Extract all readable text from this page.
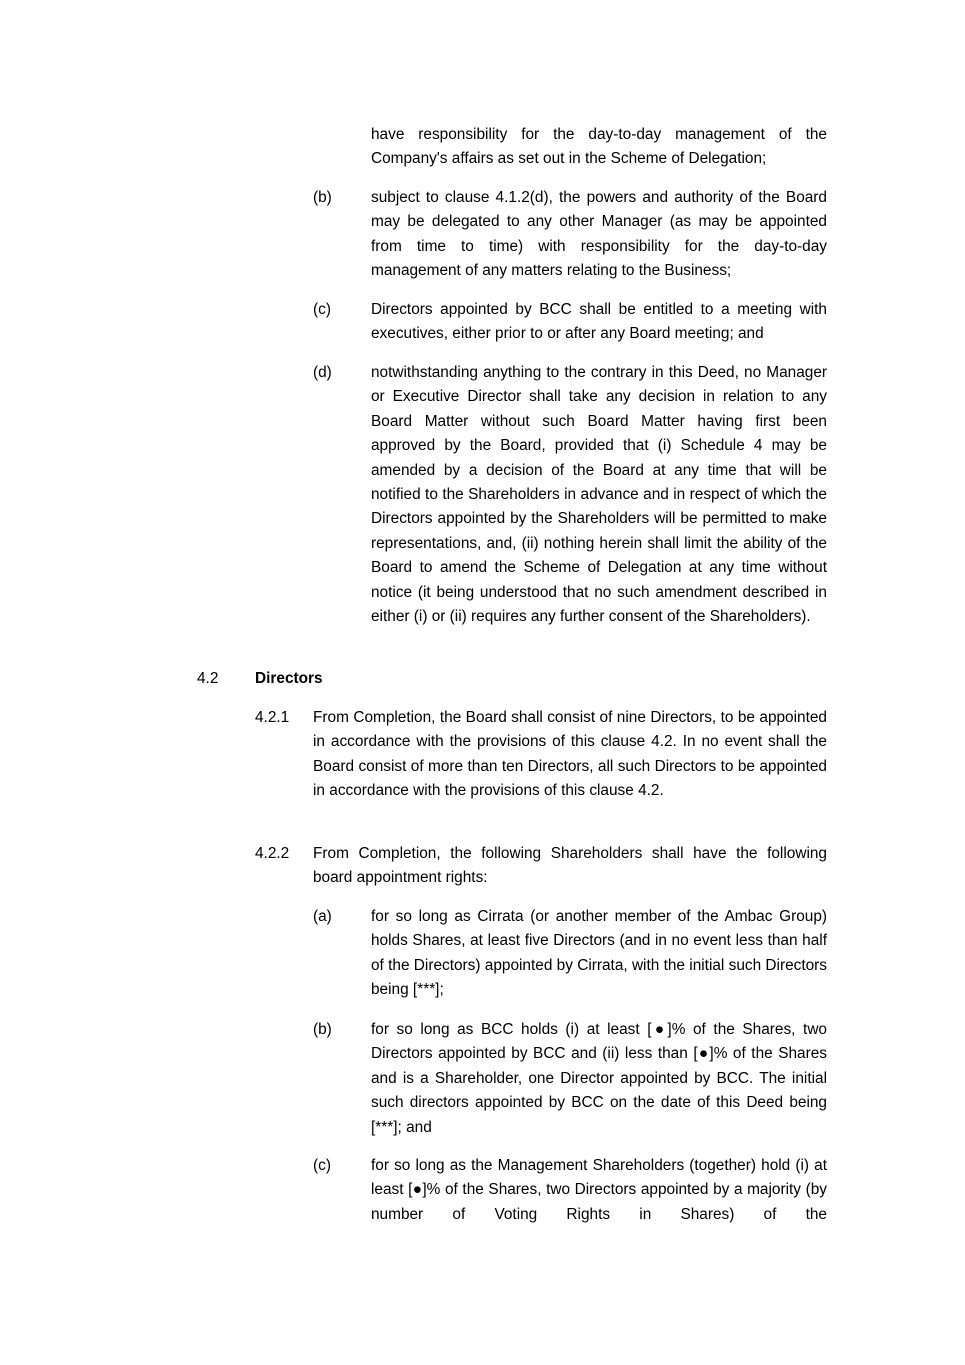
have responsibility for the day-to-day management of the Company's affairs as set out in the Scheme of Delegation;

(b)	subject to clause 4.1.2(d), the powers and authority of the Board may be delegated to any other Manager (as may be appointed from time to time) with responsibility for the day-to-day management of any matters relating to the Business;

(c)	Directors appointed by BCC shall be entitled to a meeting with executives, either prior to or after any Board meeting; and

(d)	notwithstanding anything to the contrary in this Deed, no Manager or Executive Director shall take any decision in relation to any Board Matter without such Board Matter having first been approved by the Board, provided that (i) Schedule 4 may be amended by a decision of the Board at any time that will be notified to the Shareholders in advance and in respect of which the Directors appointed by the Shareholders will be permitted to make representations, and, (ii) nothing herein shall limit the ability of the Board to amend the Scheme of Delegation at any time without notice (it being understood that no such amendment described in either (i) or (ii) requires any further consent of the Shareholders).

4.2 Directors
4.2.1 From Completion, the Board shall consist of nine Directors, to be appointed in accordance with the provisions of this clause 4.2. In no event shall the Board consist of more than ten Directors, all such Directors to be appointed in accordance with the provisions of this clause 4.2.

4.2.2 From Completion, the following Shareholders shall have the following board appointment rights:

(a)	for so long as Cirrata (or another member of the Ambac Group) holds Shares, at least five Directors (and in no event less than half of the Directors) appointed by Cirrata, with the initial such Directors being [***];

(b)	for so long as BCC holds (i) at least [●]% of the Shares, two Directors appointed by BCC and (ii) less than [●]% of the Shares and is a Shareholder, one Director appointed by BCC. The initial such directors appointed by BCC on the date of this Deed being [***]; and

(c)	for so long as the Management Shareholders (together) hold (i) at least [●]% of the Shares, two Directors appointed by a majority (by number of Voting Rights in Shares) of the
